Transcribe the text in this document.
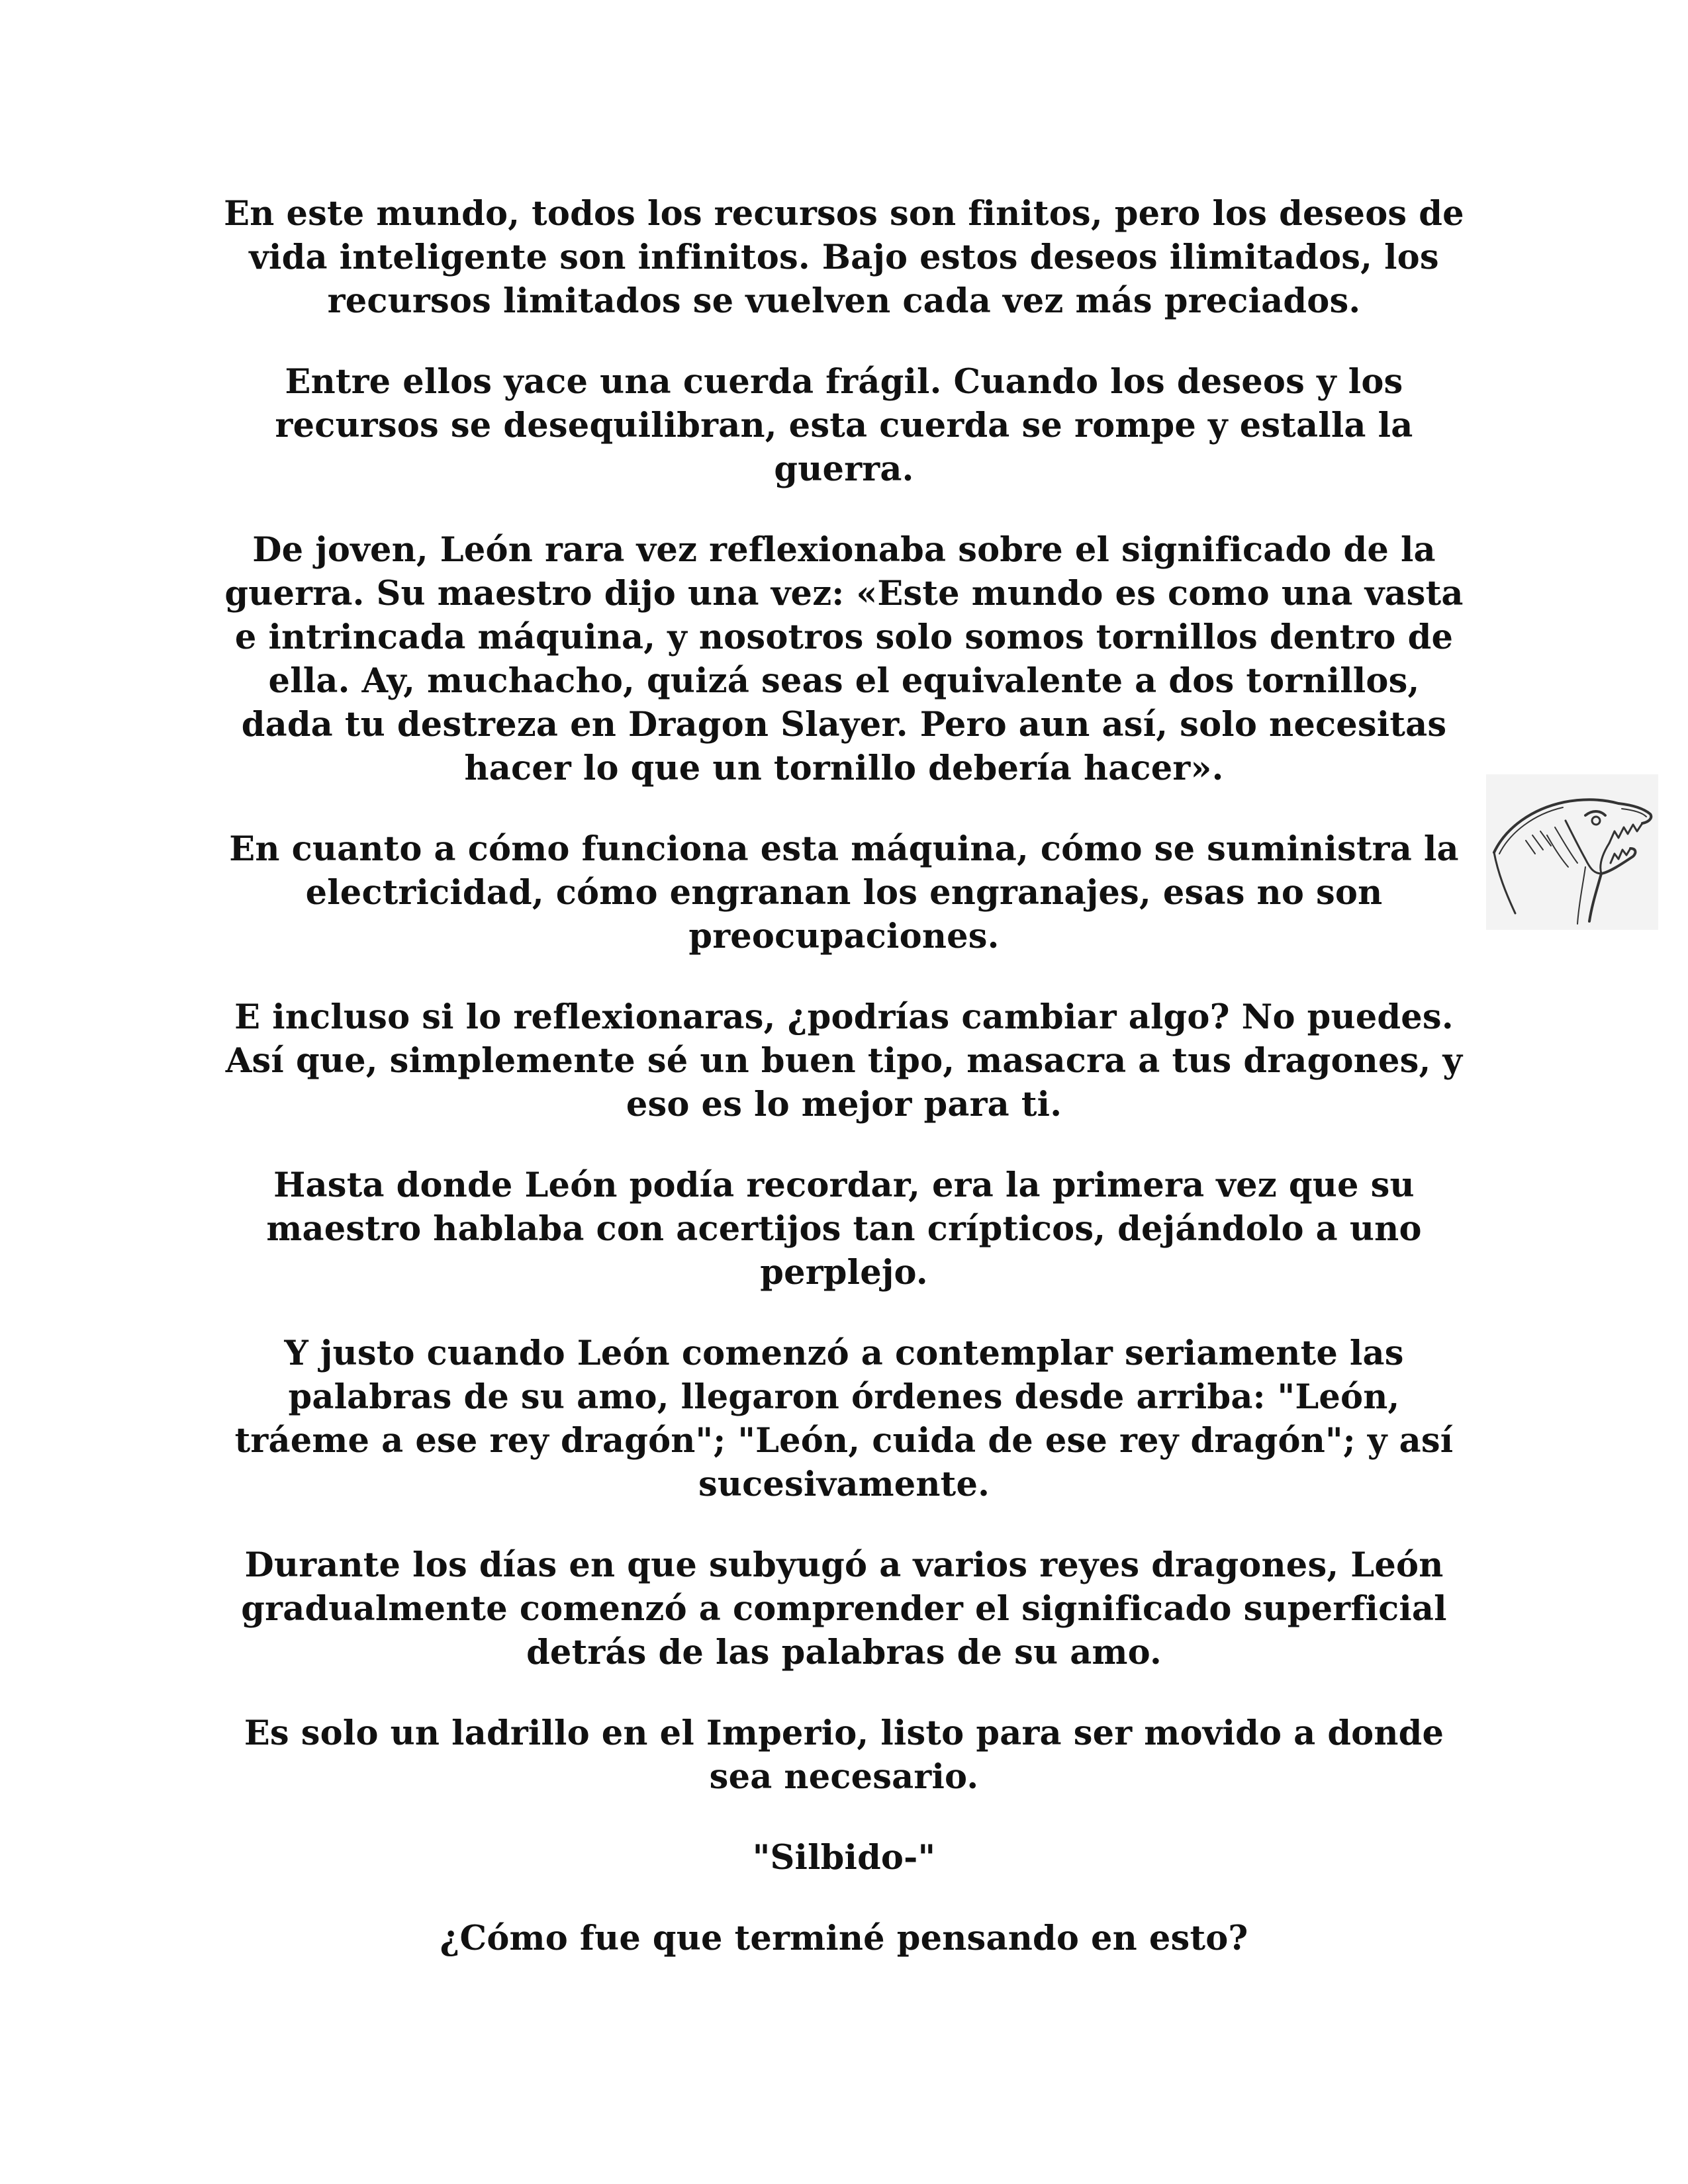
En este mundo, todos los recursos son finitos, pero los deseos de vida inteligente son infinitos. Bajo estos deseos ilimitados, los recursos limitados se vuelven cada vez más preciados.

Entre ellos yace una cuerda frágil. Cuando los deseos y los recursos se desequilibran, esta cuerda se rompe y estalla la guerra.

De joven, León rara vez reflexionaba sobre el significado de la guerra. Su maestro dijo una vez: «Este mundo es como una vasta e intrincada máquina, y nosotros solo somos tornillos dentro de ella. Ay, muchacho, quizá seas el equivalente a dos tornillos, dada tu destreza en Dragon Slayer. Pero aun así, solo necesitas hacer lo que un tornillo debería hacer».

En cuanto a cómo funciona esta máquina, cómo se suministra la electricidad, cómo engranan los engranajes, esas no son preocupaciones.

E incluso si lo reflexionaras, ¿podrías cambiar algo? No puedes. Así que, simplemente sé un buen tipo, masacra a tus dragones, y eso es lo mejor para ti.

Hasta donde León podía recordar, era la primera vez que su maestro hablaba con acertijos tan crípticos, dejándolo a uno perplejo.

Y justo cuando León comenzó a contemplar seriamente las palabras de su amo, llegaron órdenes desde arriba: "León, tráeme a ese rey dragón"; "León, cuida de ese rey dragón"; y así sucesivamente.

Durante los días en que subyugó a varios reyes dragones, León gradualmente comenzó a comprender el significado superficial detrás de las palabras de su amo.

Es solo un ladrillo en el Imperio, listo para ser movido a donde sea necesario.

"Silbido-"

¿Cómo fue que terminé pensando en esto?
